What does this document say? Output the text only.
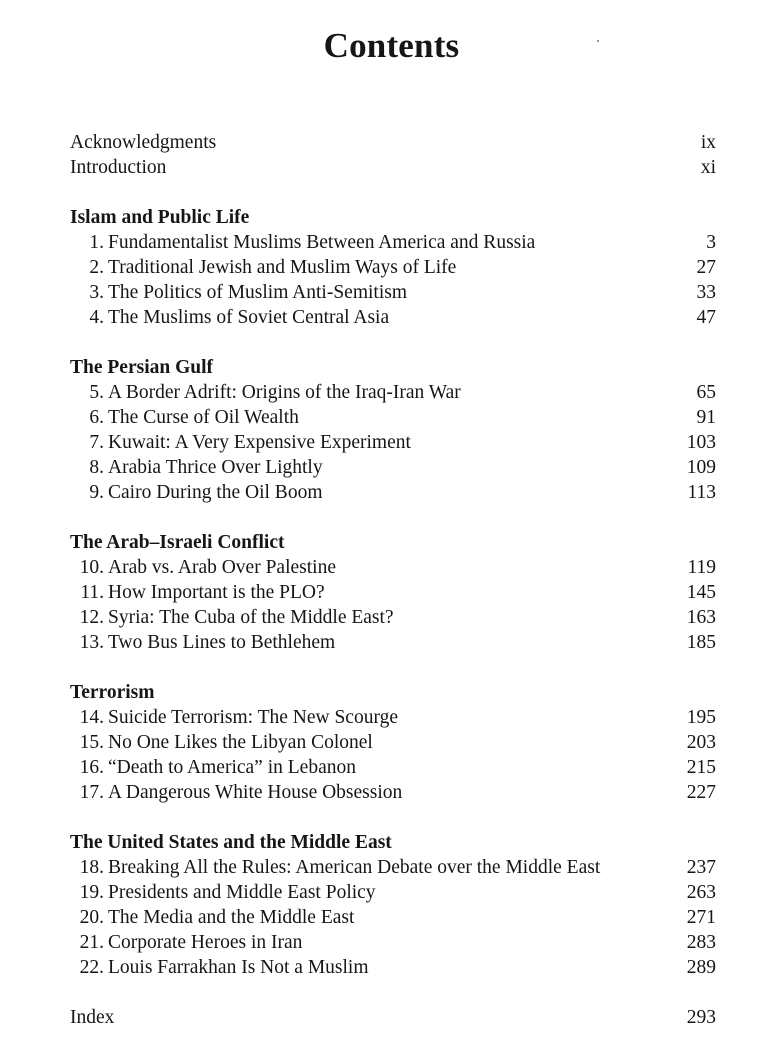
Contents
Acknowledgments	ix
Introduction	xi
Islam and Public Life
1. Fundamentalist Muslims Between America and Russia	3
2. Traditional Jewish and Muslim Ways of Life	27
3. The Politics of Muslim Anti-Semitism	33
4. The Muslims of Soviet Central Asia	47
The Persian Gulf
5. A Border Adrift: Origins of the Iraq-Iran War	65
6. The Curse of Oil Wealth	91
7. Kuwait: A Very Expensive Experiment	103
8. Arabia Thrice Over Lightly	109
9. Cairo During the Oil Boom	113
The Arab–Israeli Conflict
10. Arab vs. Arab Over Palestine	119
11. How Important is the PLO?	145
12. Syria: The Cuba of the Middle East?	163
13. Two Bus Lines to Bethlehem	185
Terrorism
14. Suicide Terrorism: The New Scourge	195
15. No One Likes the Libyan Colonel	203
16. “Death to America” in Lebanon	215
17. A Dangerous White House Obsession	227
The United States and the Middle East
18. Breaking All the Rules: American Debate over the Middle East	237
19. Presidents and Middle East Policy	263
20. The Media and the Middle East	271
21. Corporate Heroes in Iran	283
22. Louis Farrakhan Is Not a Muslim	289
Index	293
